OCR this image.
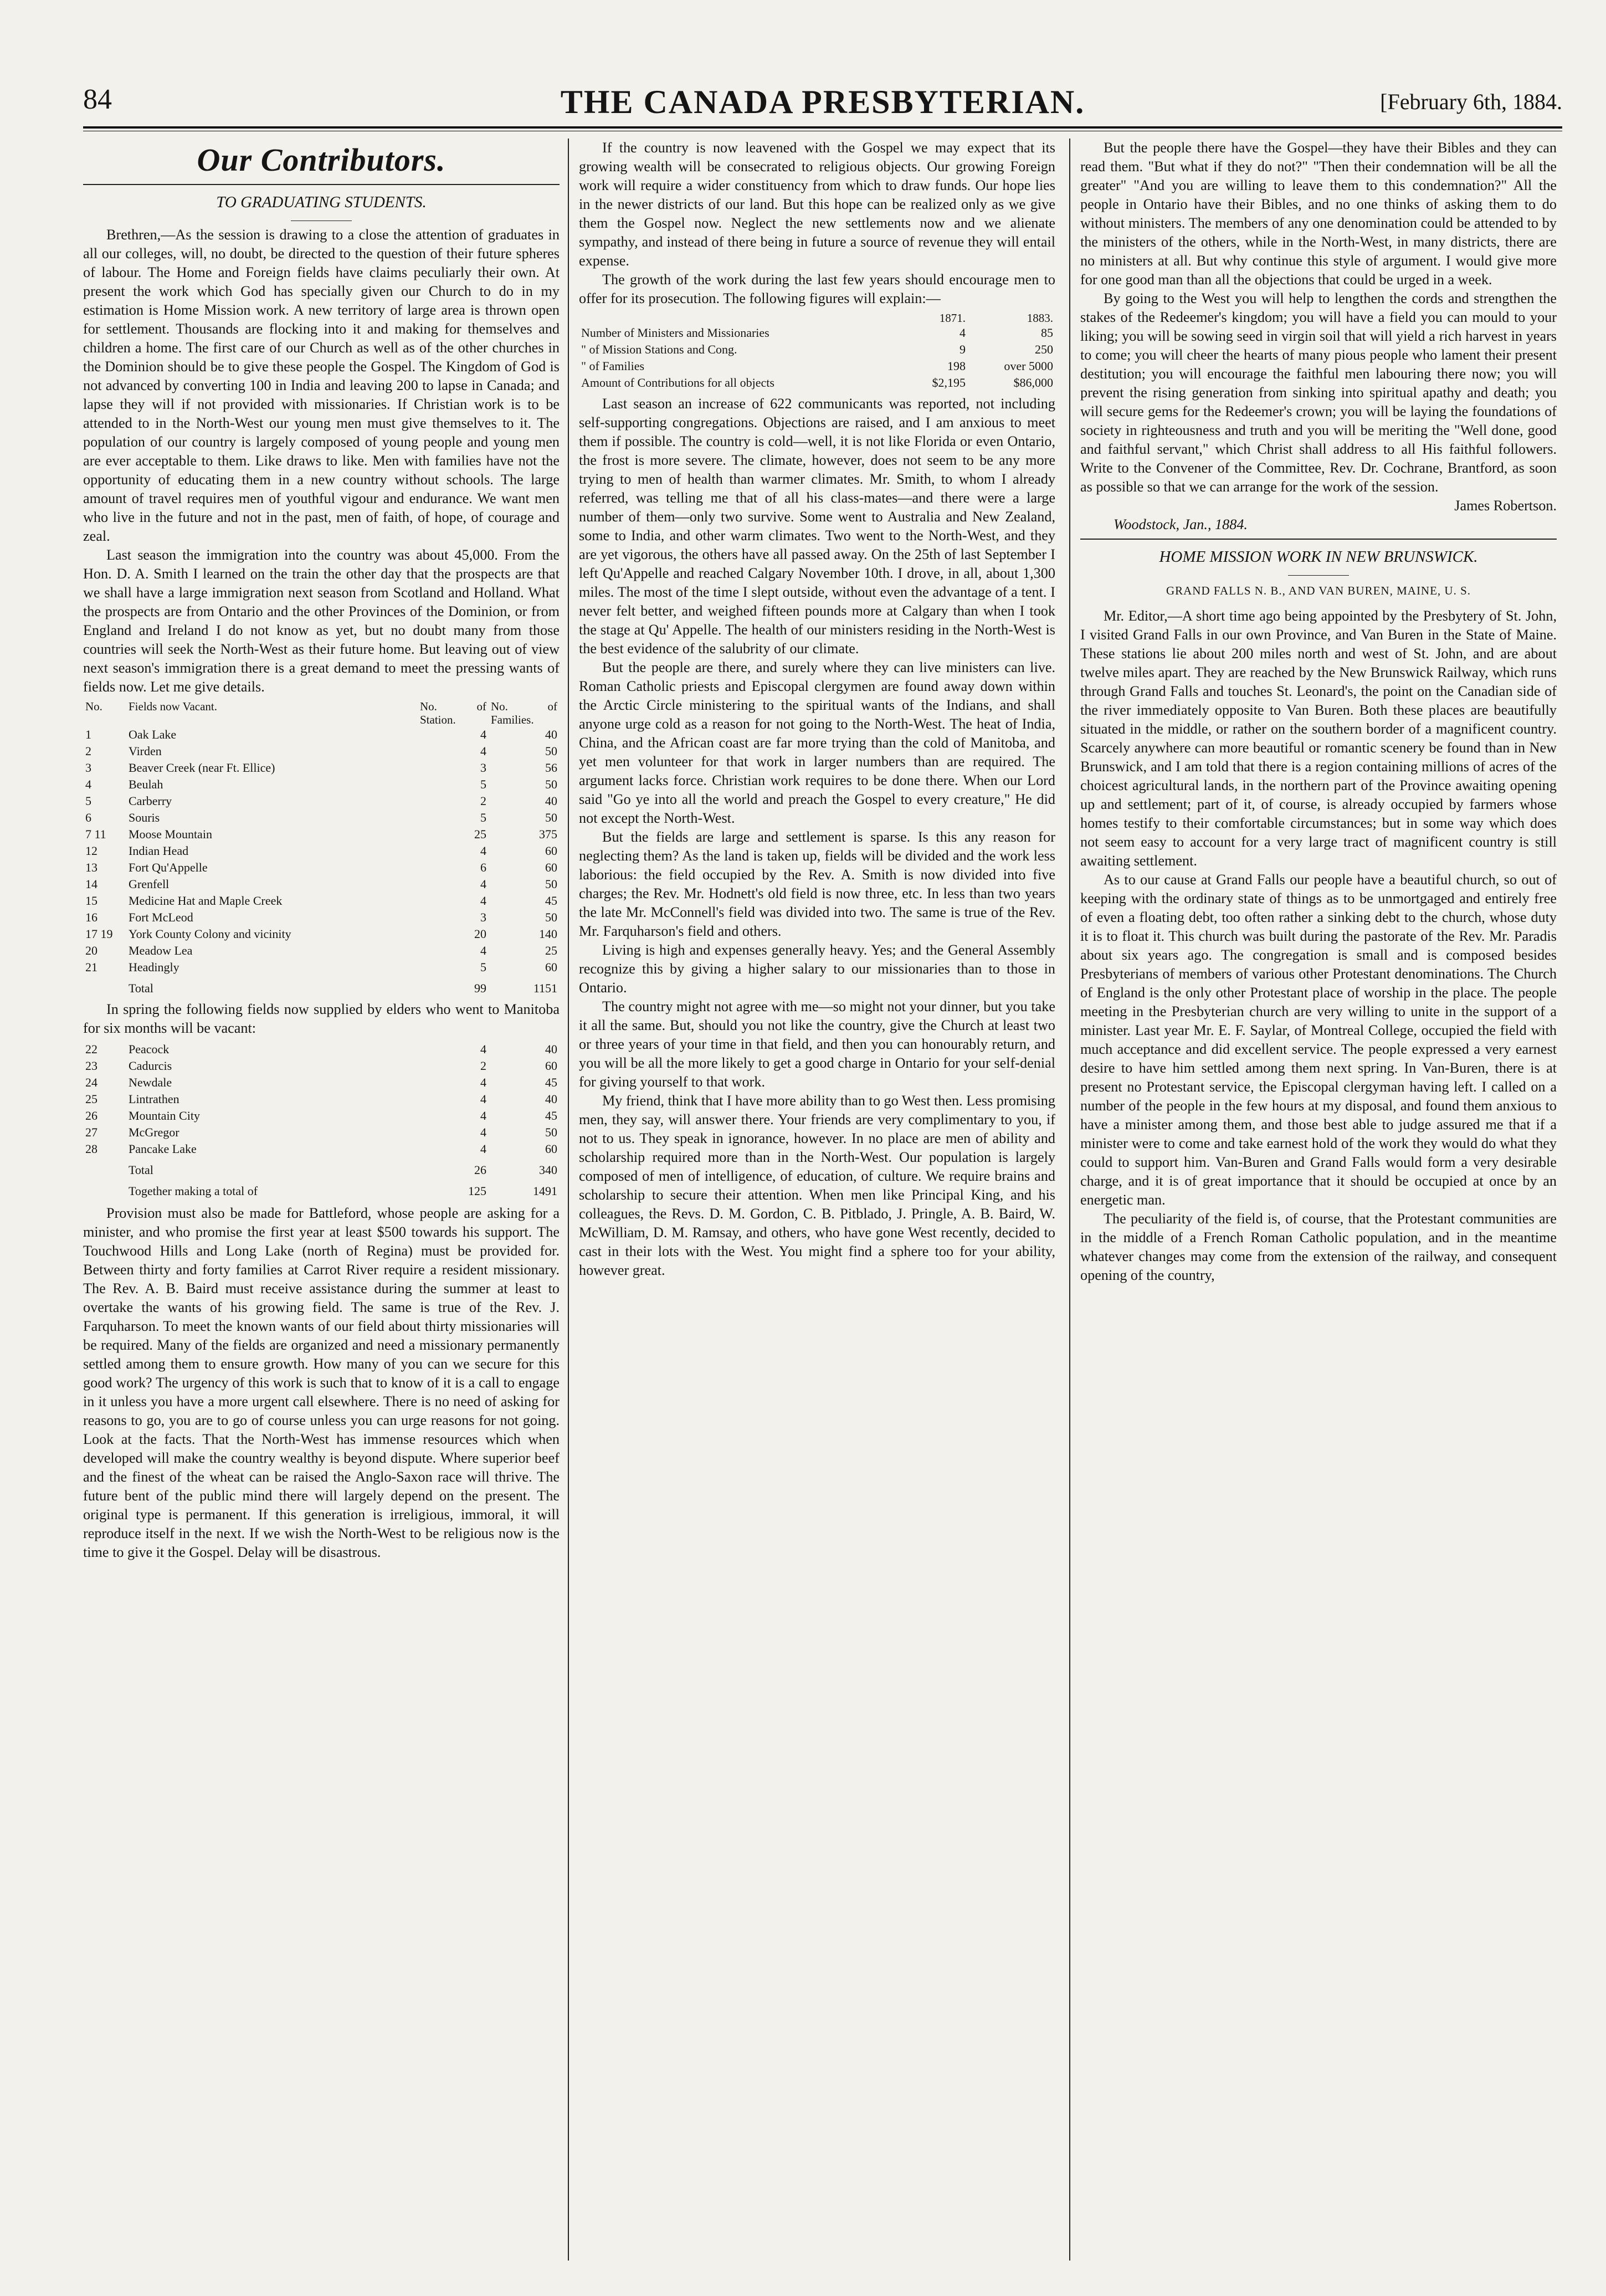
84	THE CANADA PRESBYTERIAN.	[February 6th, 1884.
Our Contributors.
TO GRADUATING STUDENTS.

Brethren,—As the session is drawing to a close the attention of graduates in all our colleges, will, no doubt, be directed to the question of their future spheres of labour. The Home and Foreign fields have claims peculiarly their own. At present the work which God has specially given our Church to do in my estimation is Home Mission work. A new territory of large area is thrown open for settlement. Thousands are flocking into it and making for themselves and children a home. The first care of our Church as well as of the other churches in the Dominion should be to give these people the Gospel. The Kingdom of God is not advanced by converting 100 in India and leaving 200 to lapse in Canada; and lapse they will if not provided with missionaries. If Christian work is to be attended to in the North-West our young men must give themselves to it. The population of our country is largely composed of young people and young men are ever acceptable to them. Like draws to like. Men with families have not the opportunity of educating them in a new country without schools. The large amount of travel requires men of youthful vigour and endurance. We want men who live in the future and not in the past, men of faith, of hope, of courage and zeal.

Last season the immigration into the country was about 45,000. From the Hon. D. A. Smith I learned on the train the other day that the prospects are that we shall have a large immigration next season from Scotland and Holland. What the prospects are from Ontario and the other Provinces of the Dominion, or from England and Ireland I do not know as yet, but no doubt many from those countries will seek the North-West as their future home. But leaving out of view next season's immigration there is a great demand to meet the pressing wants of fields now. Let me give details.

No.	Fields now Vacant.	No. of Station.	No. of Families.
1	Oak Lake	4	40
2	Virden	4	50
3	Beaver Creek (near Ft. Ellice)	3	56
4	Beulah	5	50
5	Carberry	2	40
6	Souris	5	50
7 11	Moose Mountain	25	375
12	Indian Head	4	60
13	Fort Qu'Appelle	6	60
14	Grenfell	4	50
15	Medicine Hat and Maple Creek	4	45
16	Fort McLeod	3	50
17 19	York County Colony and vicinity	20	140
20	Meadow Lea	4	25
21	Headingly	5	60
	Total	99	1151

In spring the following fields now supplied by elders who went to Manitoba for six months will be vacant:

22	Peacock	4	40
23	Cadurcis	2	60
24	Newdale	4	45
25	Lintrathen	4	40
26	Mountain City	4	45
27	McGregor	4	50
28	Pancake Lake	4	60
	Total	26	340
	Together making a total of	125	1491

Provision must also be made for Battleford, whose people are asking for a minister, and who promise the first year at least $500 towards his support. The Touchwood Hills and Long Lake (north of Regina) must be provided for. Between thirty and forty families at Carrot River require a resident missionary. The Rev. A. B. Baird must receive assistance during the summer at least to overtake the wants of his growing field. The same is true of the Rev. J. Farquharson. To meet the known wants of our field about thirty missionaries will be required. Many of the fields are organized and need a missionary permanently settled among them to ensure growth. How many of you can we secure for this good work? The urgency of this work is such that to know of it is a call to engage in it unless you have a more urgent call elsewhere. There is no need of asking for reasons to go, you are to go of course unless you can urge reasons for not going. Look at the facts. That the North-West has immense resources which when developed will make the country wealthy is beyond dispute. Where superior beef and the finest of the wheat can be raised the Anglo-Saxon race will thrive. The future bent of the public mind there will largely depend on the present. The original type is permanent. If this generation is irreligious, immoral, it will reproduce itself in the next. If we wish the North-West to be religious now is the time to give it the Gospel. Delay will be disastrous.

If the country is now leavened with the Gospel we may expect that its growing wealth will be consecrated to religious objects. Our growing Foreign work will require a wider constituency from which to draw funds. Our hope lies in the newer districts of our land. But this hope can be realized only as we give them the Gospel now. Neglect the new settlements now and we alienate sympathy, and instead of there being in future a source of revenue they will entail expense.

The growth of the work during the last few years should encourage men to offer for its prosecution. The following figures will explain:—

	1871.	1883.
Number of Ministers and Missionaries	4	85
" of Mission Stations and Cong.	9	250
" of Families	198	over 5000
Amount of Contributions for all objects	$2,195	$86,000

Last season an increase of 622 communicants was reported, not including self-supporting congregations. Objections are raised, and I am anxious to meet them if possible. The country is cold—well, it is not like Florida or even Ontario, the frost is more severe. The climate, however, does not seem to be any more trying to men of health than warmer climates. Mr. Smith, to whom I already referred, was telling me that of all his class-mates—and there were a large number of them—only two survive. Some went to Australia and New Zealand, some to India, and other warm climates. Two went to the North-West, and they are yet vigorous, the others have all passed away. On the 25th of last September I left Qu'Appelle and reached Calgary November 10th. I drove, in all, about 1,300 miles. The most of the time I slept outside, without even the advantage of a tent. I never felt better, and weighed fifteen pounds more at Calgary than when I took the stage at Qu' Appelle. The health of our ministers residing in the North-West is the best evidence of the salubrity of our climate.

But the people are there, and surely where they can live ministers can live. Roman Catholic priests and Episcopal clergymen are found away down within the Arctic Circle ministering to the spiritual wants of the Indians, and shall anyone urge cold as a reason for not going to the North-West. The heat of India, China, and the African coast are far more trying than the cold of Manitoba, and yet men volunteer for that work in larger numbers than are required. The argument lacks force. Christian work requires to be done there. When our Lord said "Go ye into all the world and preach the Gospel to every creature," He did not except the North-West.

But the fields are large and settlement is sparse. Is this any reason for neglecting them? As the land is taken up, fields will be divided and the work less laborious: the field occupied by the Rev. A. Smith is now divided into five charges; the Rev. Mr. Hodnett's old field is now three, etc. In less than two years the late Mr. McConnell's field was divided into two. The same is true of the Rev. Mr. Farquharson's field and others.

Living is high and expenses generally heavy. Yes; and the General Assembly recognize this by giving a higher salary to our missionaries than to those in Ontario.

The country might not agree with me—so might not your dinner, but you take it all the same. But, should you not like the country, give the Church at least two or three years of your time in that field, and then you can honourably return, and you will be all the more likely to get a good charge in Ontario for your self-denial for giving yourself to that work.

My friend, think that I have more ability than to go West then. Less promising men, they say, will answer there. Your friends are very complimentary to you, if not to us. They speak in ignorance, however. In no place are men of ability and scholarship required more than in the North-West. Our population is largely composed of men of intelligence, of education, of culture. We require brains and scholarship to secure their attention. When men like Principal King, and his colleagues, the Revs. D. M. Gordon, C. B. Pitblado, J. Pringle, A. B. Baird, W. McWilliam, D. M. Ramsay, and others, who have gone West recently, decided to cast in their lots with the West. You might find a sphere too for your ability, however great.

But the people there have the Gospel—they have their Bibles and they can read them. "But what if they do not?" "Then their condemnation will be all the greater" "And you are willing to leave them to this condemnation?" All the people in Ontario have their Bibles, and no one thinks of asking them to do without ministers. The members of any one denomination could be attended to by the ministers of the others, while in the North-West, in many districts, there are no ministers at all. But why continue this style of argument. I would give more for one good man than all the objections that could be urged in a week.

By going to the West you will help to lengthen the cords and strengthen the stakes of the Redeemer's kingdom; you will have a field you can mould to your liking; you will be sowing seed in virgin soil that will yield a rich harvest in years to come; you will cheer the hearts of many pious people who lament their present destitution; you will encourage the faithful men labouring there now; you will prevent the rising generation from sinking into spiritual apathy and death; you will secure gems for the Redeemer's crown; you will be laying the foundations of society in righteousness and truth and you will be meriting the "Well done, good and faithful servant," which Christ shall address to all His faithful followers. Write to the Convener of the Committee, Rev. Dr. Cochrane, Brantford, as soon as possible so that we can arrange for the work of the session.

James Robertson.

Woodstock, Jan., 1884.

HOME MISSION WORK IN NEW BRUNSWICK.
GRAND FALLS N. B., AND VAN BUREN, MAINE, U. S.

Mr. Editor,—A short time ago being appointed by the Presbytery of St. John, I visited Grand Falls in our own Province, and Van Buren in the State of Maine. These stations lie about 200 miles north and west of St. John, and are about twelve miles apart. They are reached by the New Brunswick Railway, which runs through Grand Falls and touches St. Leonard's, the point on the Canadian side of the river immediately opposite to Van Buren. Both these places are beautifully situated in the middle, or rather on the southern border of a magnificent country. Scarcely anywhere can more beautiful or romantic scenery be found than in New Brunswick, and I am told that there is a region containing millions of acres of the choicest agricultural lands, in the northern part of the Province awaiting opening up and settlement; part of it, of course, is already occupied by farmers whose homes testify to their comfortable circumstances; but in some way which does not seem easy to account for a very large tract of magnificent country is still awaiting settlement.

As to our cause at Grand Falls our people have a beautiful church, so out of keeping with the ordinary state of things as to be unmortgaged and entirely free of even a floating debt, too often rather a sinking debt to the church, whose duty it is to float it. This church was built during the pastorate of the Rev. Mr. Paradis about six years ago. The congregation is small and is composed besides Presbyterians of members of various other Protestant denominations. The Church of England is the only other Protestant place of worship in the place. The people meeting in the Presbyterian church are very willing to unite in the support of a minister. Last year Mr. E. F. Saylar, of Montreal College, occupied the field with much acceptance and did excellent service. The people expressed a very earnest desire to have him settled among them next spring. In Van-Buren, there is at present no Protestant service, the Episcopal clergyman having left. I called on a number of the people in the few hours at my disposal, and found them anxious to have a minister among them, and those best able to judge assured me that if a minister were to come and take earnest hold of the work they would do what they could to support him. Van-Buren and Grand Falls would form a very desirable charge, and it is of great importance that it should be occupied at once by an energetic man.

The peculiarity of the field is, of course, that the Protestant communities are in the middle of a French Roman Catholic population, and in the meantime whatever changes may come from the extension of the railway, and consequent opening of the country,
